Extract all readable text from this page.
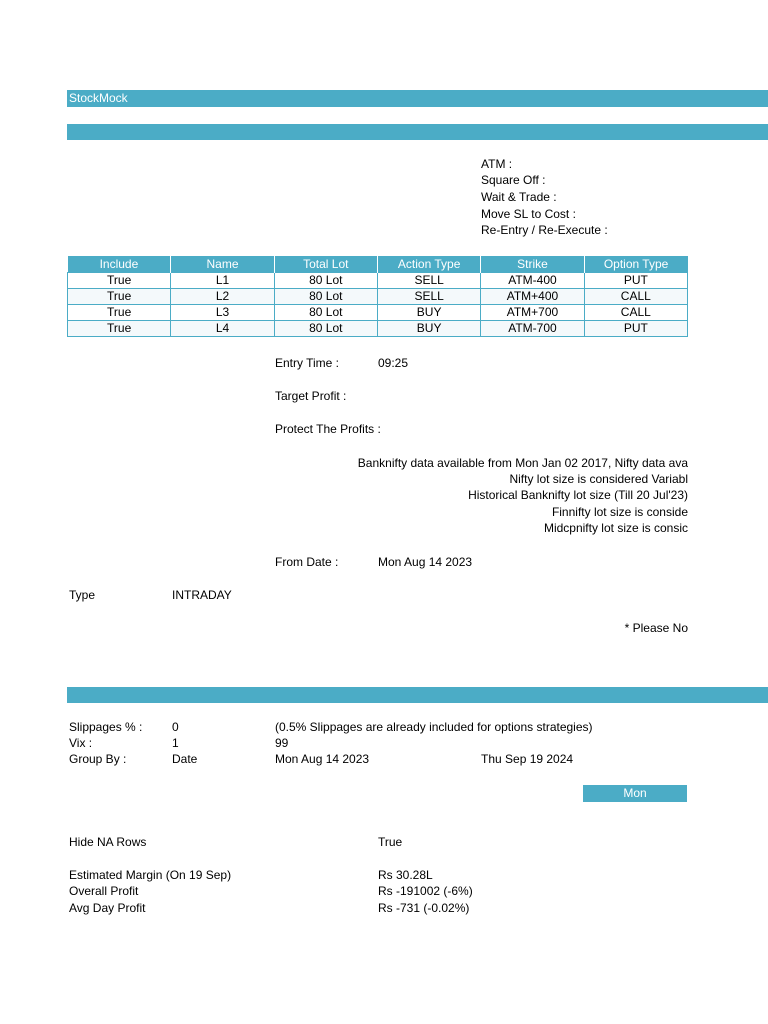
StockMock
ATM :
Square Off :
Wait & Trade :
Move SL to Cost :
Re-Entry / Re-Execute :
Include	Name	Total Lot	Action Type	Strike	Option Type
True	L1	80 Lot	SELL	ATM-400	PUT
True	L2	80 Lot	SELL	ATM+400	CALL
True	L3	80 Lot	BUY	ATM+700	CALL
True	L4	80 Lot	BUY	ATM-700	PUT
Entry Time :	09:25
Target Profit :
Protect The Profits :
Banknifty data available from Mon Jan 02 2017, Nifty data ava
Nifty lot size is considered Variabl
Historical Banknifty lot size (Till 20 Jul'23)
Finnifty lot size is conside
Midcpnifty lot size is consic
From Date :	Mon Aug 14 2023
Type	INTRADAY
* Please No
Slippages % : 0	(0.5% Slippages are already included for options strategies)
Vix :	1	99
Group By :	Date	Mon Aug 14 2023	Thu Sep 19 2024
Mon
Hide NA Rows	True
Estimated Margin (On 19 Sep)	Rs 30.28L
Overall Profit	Rs -191002 (-6%)
Avg Day Profit	Rs -731 (-0.02%)
